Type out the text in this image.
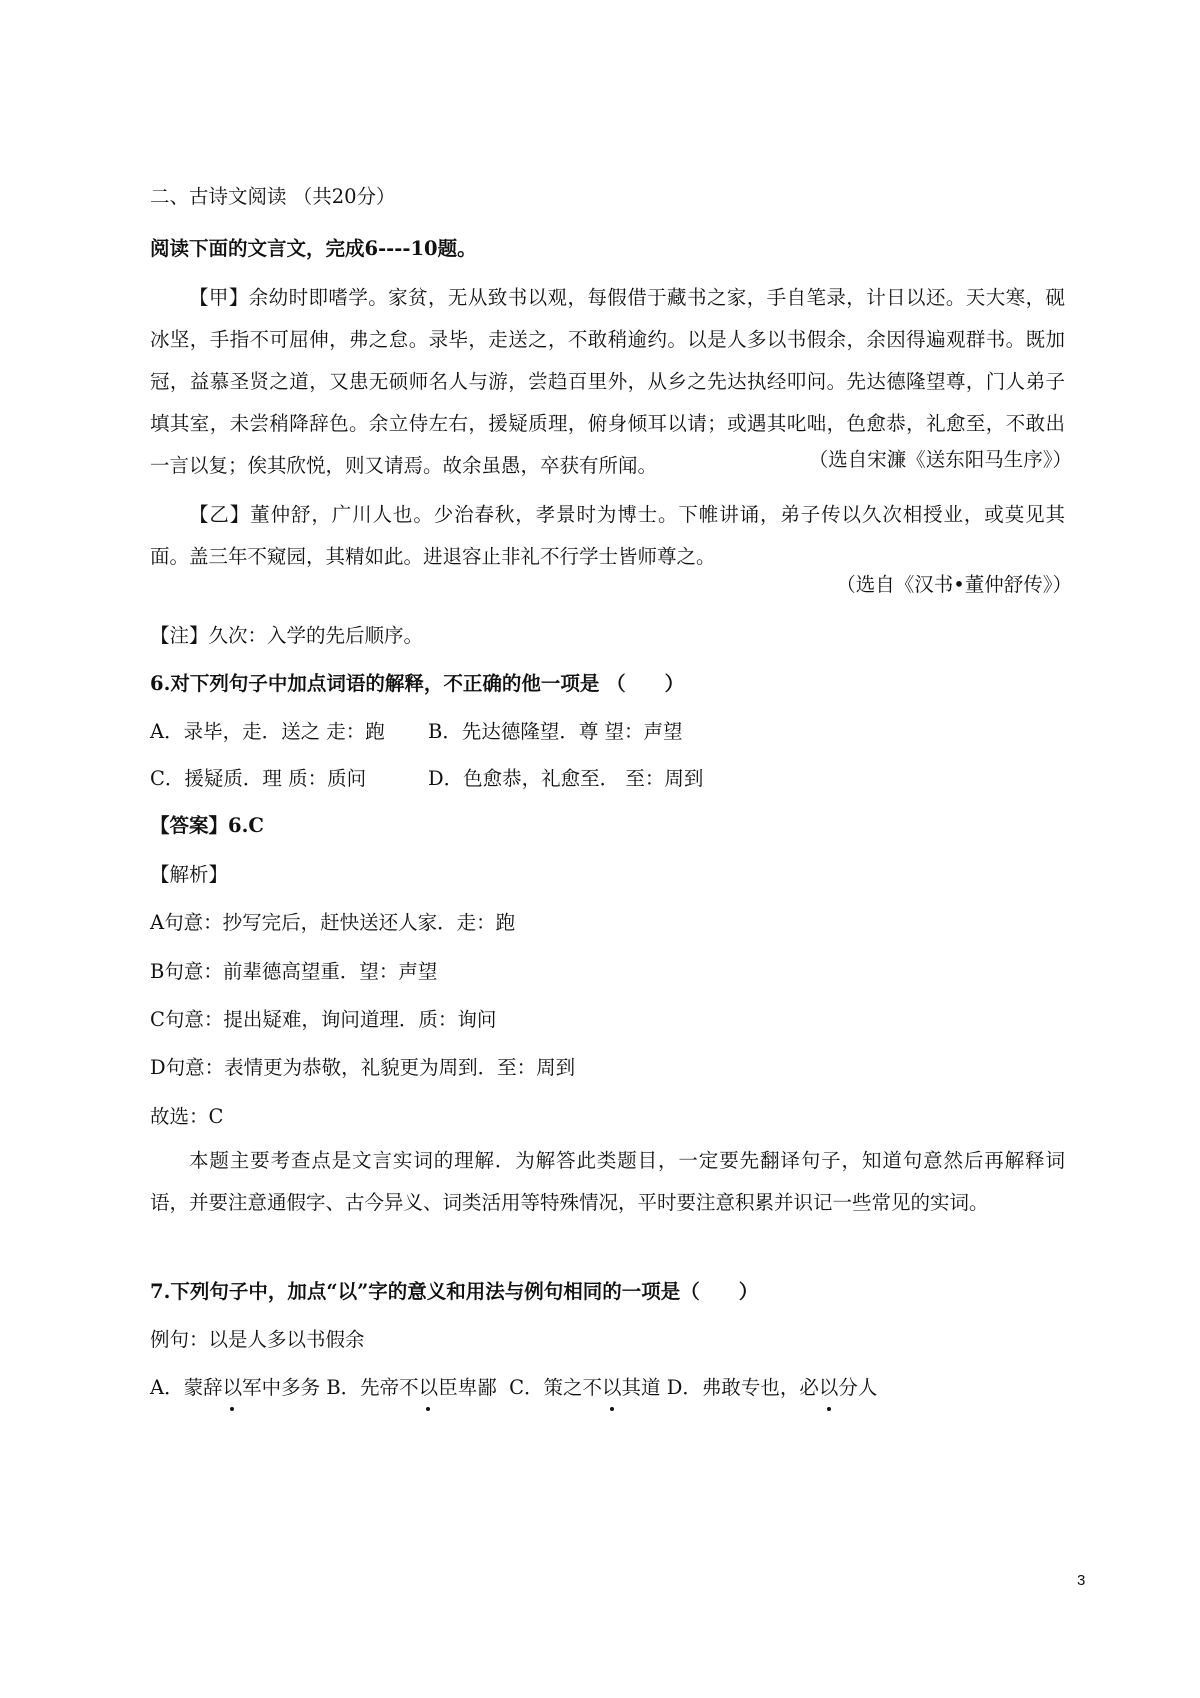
二、古诗文阅读 （共20分）
阅读下面的文言文，完成6----10题。
【甲】余幼时即嗜学。家贫，无从致书以观，每假借于藏书之家，手自笔录，计日以还。天大寒，砚冰坚，手指不可屈伸，弗之怠。录毕，走送之，不敢稍逾约。以是人多以书假余，余因得遍观群书。既加冠，益慕圣贤之道，又患无硕师名人与游，尝趋百里外，从乡之先达执经叩问。先达德隆望尊，门人弟子填其室，未尝稍降辞色。余立侍左右，援疑质理，俯身倾耳以请；或遇其叱咄，色愈恭，礼愈至，不敢出一言以复；俟其欣悦，则又请焉。故余虽愚，卒获有所闻。	（选自宋濂《送东阳马生序》）
【乙】董仲舒，广川人也。少治春秋，孝景时为博士。下帷讲诵，弟子传以久次相授业，或莫见其面。盖三年不窥园，其精如此。进退容止非礼不行学士皆师尊之。
（选自《汉书•董仲舒传》）
【注】久次：入学的先后顺序。
6.对下列句子中加点词语的解释，不正确的他一项是 （　　）
A．录毕，走．送之 走：跑 B．先达德隆望．尊 望：声望
C．援疑质．理 质：质问	D．色愈恭，礼愈至． 至：周到
【答案】6.C
【解析】
A句意：抄写完后，赶快送还人家．走：跑
B句意：前辈德高望重．望：声望
C句意：提出疑难，询问道理．质：询问
D句意：表情更为恭敬，礼貌更为周到．至：周到
故选：C
本题主要考查点是文言实词的理解．为解答此类题目，一定要先翻译句子，知道句意然后再解释词语，并要注意通假字、古今异义、词类活用等特殊情况，平时要注意积累并识记一些常见的实词。
7.下列句子中，加点“以”字的意义和用法与例句相同的一项是（　　）
例句：以是人多以书假余
A．蒙辞以军中多务 B．先帝不以臣卑鄙 C．策之不以其道 D．弗敢专也，必以分人
3
